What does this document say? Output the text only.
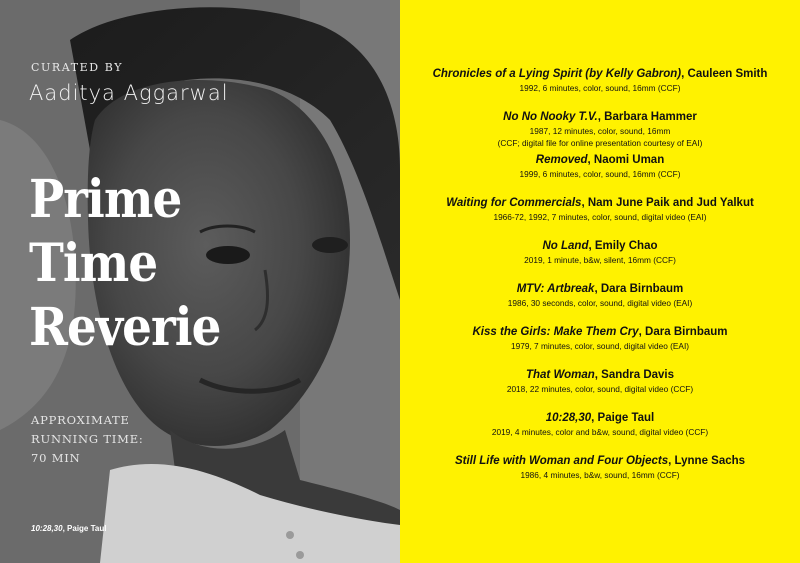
CURATED BY

Aaditya Aggarwal

Prime
Time
Reverie

APPROXIMATE
RUNNING TIME:
70 MIN

10:28,30, Paige Taul

Chronicles of a Lying Spirit (by Kelly Gabron), Cauleen Smith

1992, 6 minutes, color, sound, 16mm (CCF)

No No Nooky T.V., Barbara Hammer

1987, 12 minutes, color, sound, 16mm

(CCF; digital file for online presentation courtesy of EAI)

Removed, Naomi Uman

1999, 6 minutes, color, sound, 16mm (CCF)

Waiting for Commercials, Nam June Paik and Jud Yalkut

1966-72, 1992, 7 minutes, color, sound, digital video (EAI)

No Land, Emily Chao

2019, 1 minute, b&w, silent, 16mm (CCF)

MTV: Artbreak, Dara Birnbaum

1986, 30 seconds, color, sound, digital video (EAI)

Kiss the Girls: Make Them Cry, Dara Birnbaum

1979, 7 minutes, color, sound, digital video (EAI)

That Woman, Sandra Davis

2018, 22 minutes, color, sound, digital video (CCF)

10:28,30, Paige Taul

2019, 4 minutes, color and b&w, sound, digital video (CCF)

Still Life with Woman and Four Objects, Lynne Sachs

1986, 4 minutes, b&w, sound, 16mm (CCF)
